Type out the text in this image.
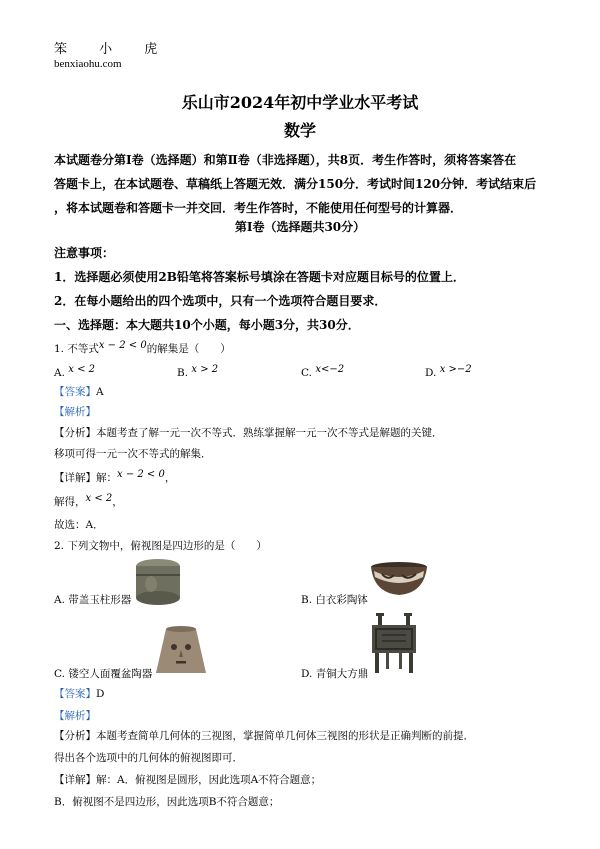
笨 小 虎
benxiaohu.com
乐山市2024年初中学业水平考试
数学
本试题卷分第Ⅰ卷（选择题）和第Ⅱ卷（非选择题），共8页．考生作答时，须将答案答在
答题卡上，在本试题卷、草稿纸上答题无效．满分150分．考试时间120分钟．考试结束后
，将本试题卷和答题卡一并交回．考生作答时，不能使用任何型号的计算器．
第Ⅰ卷（选择题共30分）
注意事项：
1．选择题必须使用2B铅笔将答案标号填涂在答题卡对应题目标号的位置上．
2．在每小题给出的四个选项中，只有一个选项符合题目要求．
一、选择题：本大题共10个小题，每小题3分，共30分．
1. 不等式x − 2 < 0的解集是（　　）
A. x < 2	B. x > 2	C. x<−2	D. x >−2
【答案】A
【解析】
【分析】本题考查了解一元一次不等式．熟练掌握解一元一次不等式是解题的关键．
移项可得一元一次不等式的解集．
【详解】解：x − 2 < 0，
解得，x < 2，
故选：A．
2. 下列文物中，俯视图是四边形的是（　　）
A. 带盖玉柱形器	B. 白衣彩陶钵
C. 镂空人面覆盆陶器	D. 青铜大方鼎
【答案】D
【解析】
【分析】本题考查简单几何体的三视图，掌握简单几何体三视图的形状是正确判断的前提．
得出各个选项中的几何体的俯视图即可．
【详解】解：A．俯视图是圆形，因此选项A不符合题意；
B．俯视图不是四边形，因此选项B不符合题意；
